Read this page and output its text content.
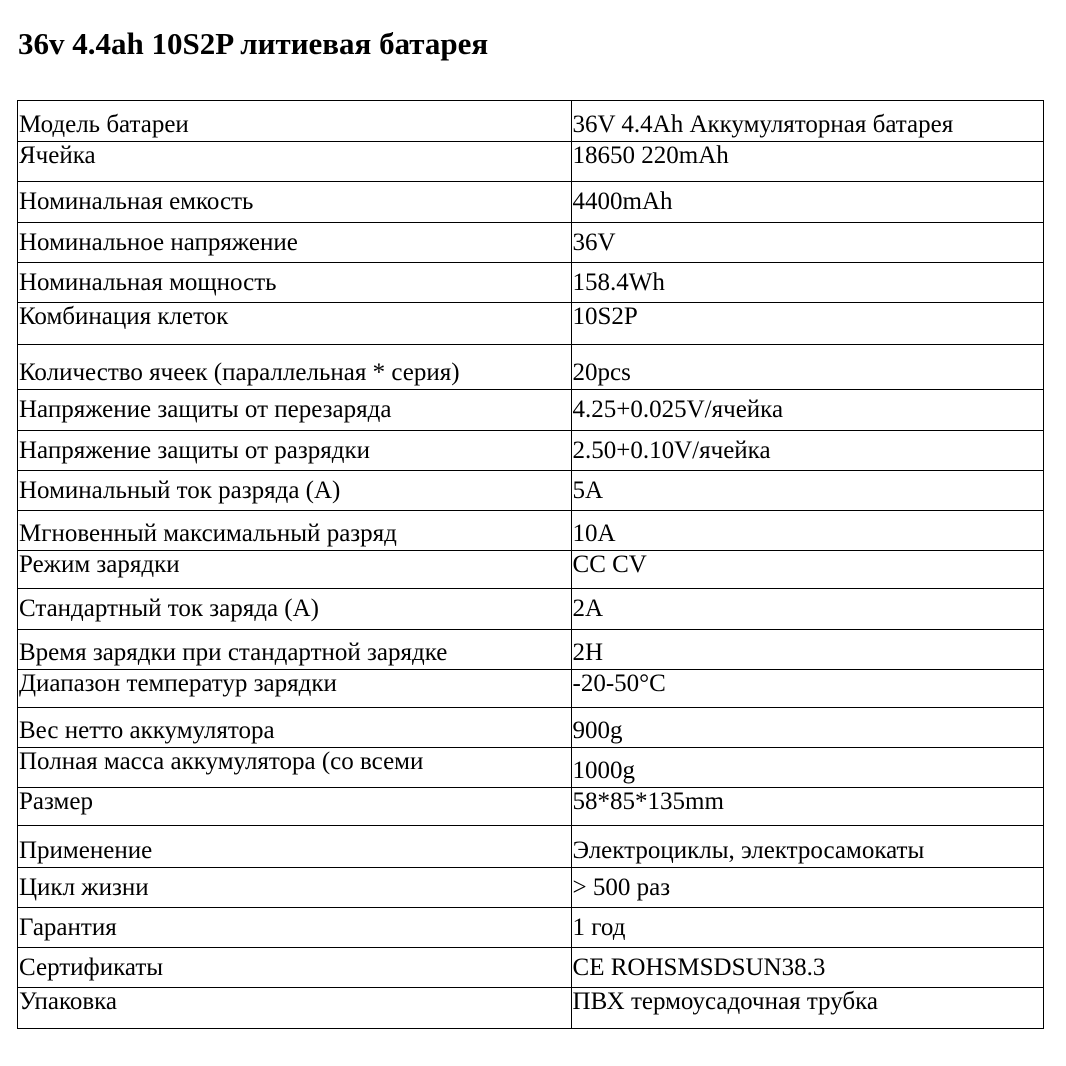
36v 4.4ah 10S2P литиевая батарея
Модель батареи	36V 4.4Ah Аккумуляторная батарея
Ячейка	18650 220mAh
Номинальная емкость	4400mAh
Номинальное напряжение	36V
Номинальная мощность	158.4Wh
Комбинация клеток	10S2P
Количество ячеек (параллельная * серия)	20pcs
Напряжение защиты от перезаряда	4.25+0.025V/ячейка
Напряжение защиты от разрядки	2.50+0.10V/ячейка
Номинальный ток разряда (A)	5A
Мгновенный максимальный разряд	10A
Режим зарядки	CC CV
Стандартный ток заряда (A)	2A
Время зарядки при стандартной зарядке	2H
Диапазон температур зарядки	-20-50°C
Вес нетто аккумулятора	900g
Полная масса аккумулятора (со всеми	1000g
Размер	58*85*135mm
Применение	Электроциклы, электросамокаты
Цикл жизни	> 500 раз
Гарантия	1 год
Сертификаты	CE ROHSMSDSUN38.3
Упаковка	ПВХ термоусадочная трубка
